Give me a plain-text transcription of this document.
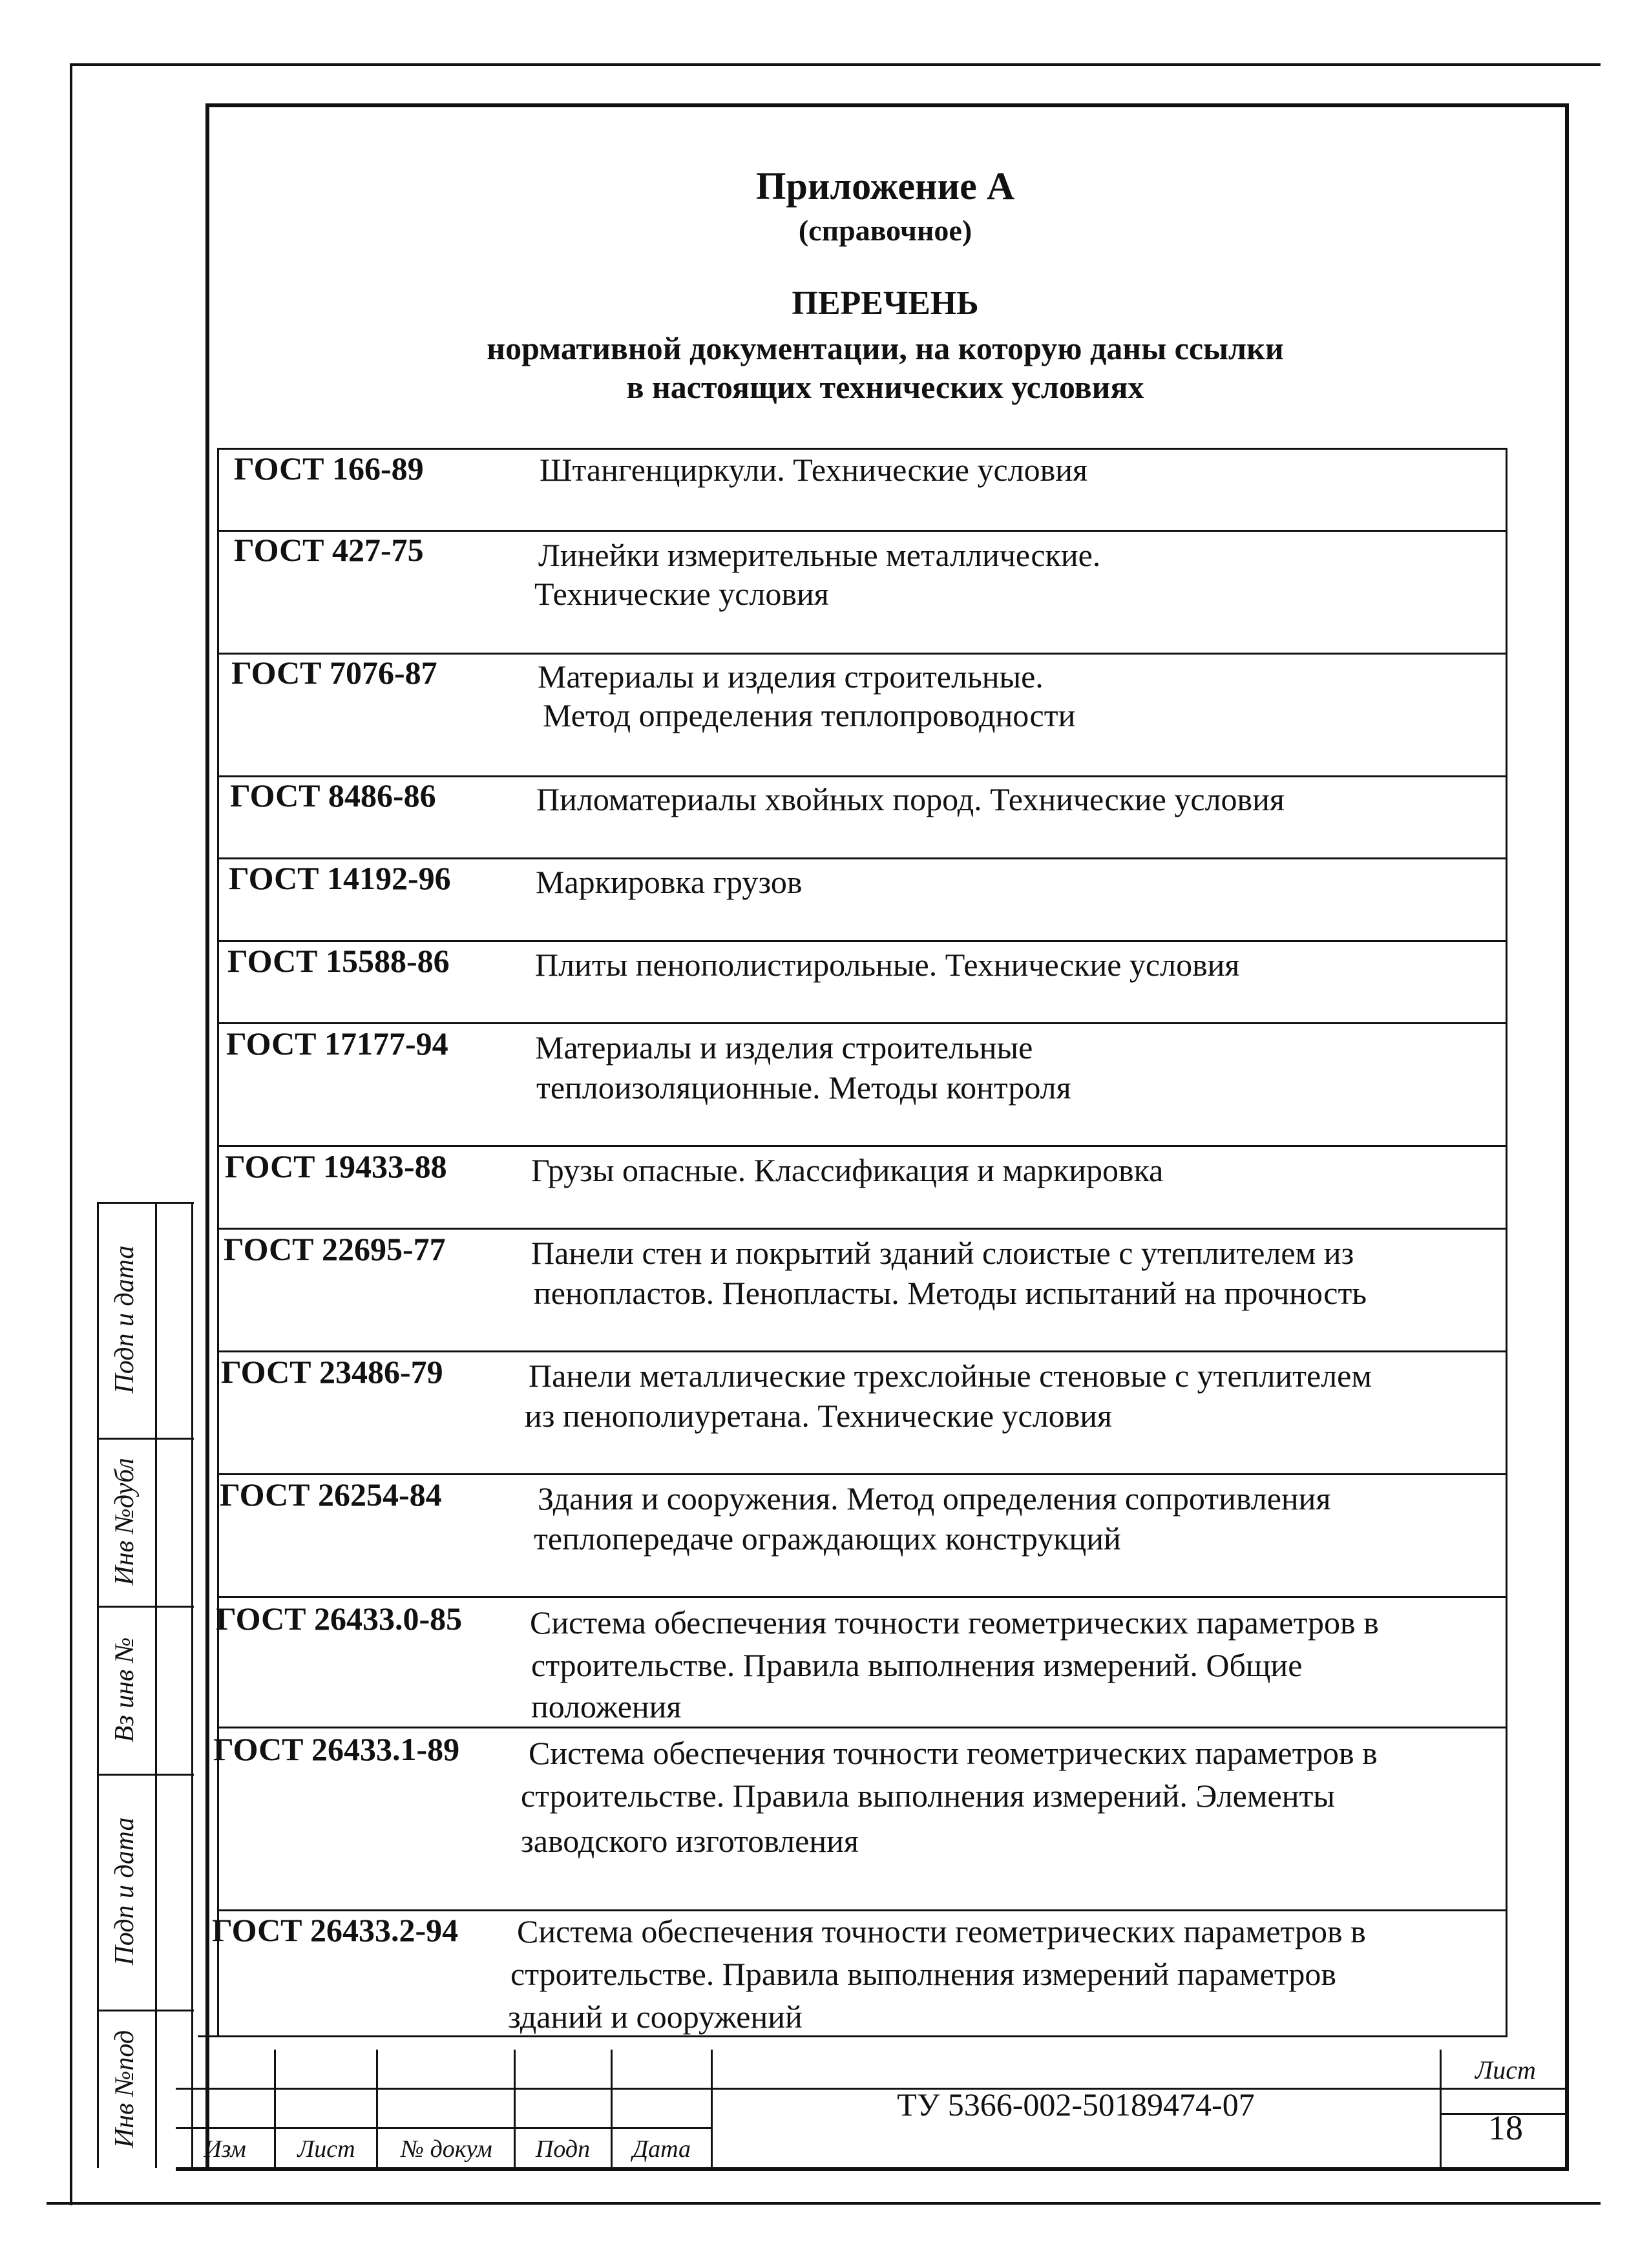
Приложение А
(справочное)
ПЕРЕЧЕНЬ
нормативной документации, на которую даны ссылки
в настоящих технических условиях
ГОСТ 166-89	Штангенциркули. Технические условия
ГОСТ 427-75	Линейки измерительные металлические.
Технические условия
ГОСТ 7076-87	Материалы и изделия строительные.
Метод определения теплопроводности
ГОСТ 8486-86	Пиломатериалы хвойных пород. Технические условия
ГОСТ 14192-96	Маркировка грузов
ГОСТ 15588-86	Плиты пенополистирольные. Технические условия
ГОСТ 17177-94	Материалы и изделия строительные
теплоизоляционные. Методы контроля
ГОСТ 19433-88	Грузы опасные. Классификация и маркировка
ГОСТ 22695-77	Панели стен и покрытий зданий слоистые с утеплителем из
пенопластов. Пенопласты. Методы испытаний на прочность
ГОСТ 23486-79	Панели металлические трехслойные стеновые с утеплителем
из пенополиуретана. Технические условия
ГОСТ 26254-84	Здания и сооружения. Метод определения сопротивления
теплопередаче ограждающих конструкций
ГОСТ 26433.0-85 Система обеспечения точности геометрических параметров в
строительстве. Правила выполнения измерений. Общие
положения
ГОСТ 26433.1-89 Система обеспечения точности геометрических параметров в
строительстве. Правила выполнения измерений. Элементы
заводского изготовления
ГОСТ 26433.2-94 Система обеспечения точности геометрических параметров в
строительстве. Правила выполнения измерений параметров
зданий и сооружений
Подп и дата
Инв №дубл
Вз инв №
Подп и дата
Инв №под
Изм	Лист	№ докум	Подп	Дата
ТУ 5366-002-50189474-07
Лист
18
